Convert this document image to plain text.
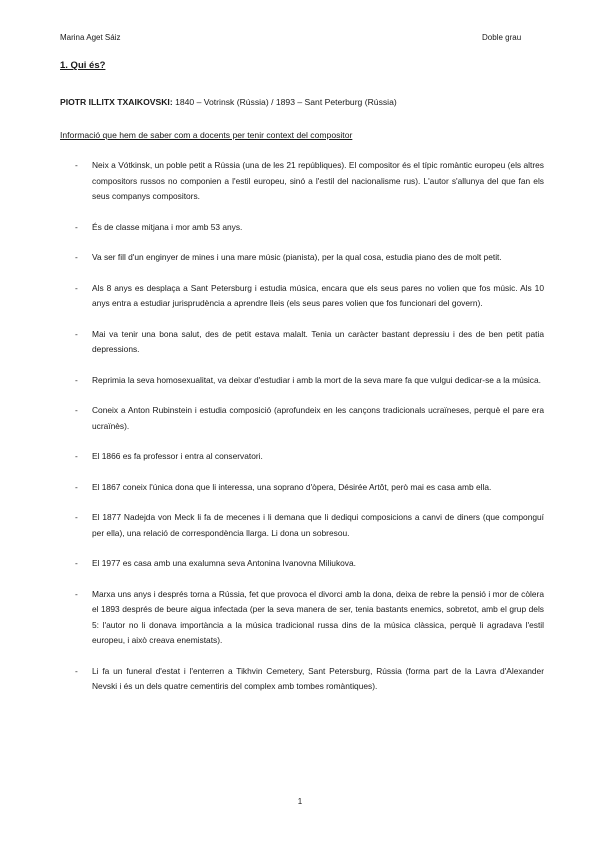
Marina Aget Sáiz	Doble grau
1. Qui és?
PIOTR ILLITX TXAIKOVSKI: 1840 – Votrinsk (Rússia) / 1893 – Sant Peterburg (Rússia)
Informació que hem de saber com a docents per tenir context del compositor
- Neix a Vótkinsk, un poble petit a Rússia (una de les 21 repúbliques). El compositor és el típic romàntic europeu (els altres compositors russos no componien a l'estil europeu, sinó a l'estil del nacionalisme rus). L'autor s'allunya del que fan els seus companys compositors.
- És de classe mitjana i mor amb 53 anys.
- Va ser fill d'un enginyer de mines i una mare músic (pianista), per la qual cosa, estudia piano des de molt petit.
- Als 8 anys es desplaça a Sant Petersburg i estudia música, encara que els seus pares no volien que fos músic. Als 10 anys entra a estudiar jurisprudència a aprendre lleis (els seus pares volien que fos funcionari del govern).
- Mai va tenir una bona salut, des de petit estava malalt. Tenia un caràcter bastant depressiu i des de ben petit patia depressions.
- Reprimia la seva homosexualitat, va deixar d'estudiar i amb la mort de la seva mare fa que vulgui dedicar-se a la música.
- Coneix a Anton Rubinstein i estudia composició (aprofundeix en les cançons tradicionals ucraïneses, perquè el pare era ucraïnès).
- El 1866 es fa professor i entra al conservatori.
- El 1867 coneix l'única dona que li interessa, una soprano d'òpera, Désirée Artôt, però mai es casa amb ella.
- El 1877 Nadejda von Meck li fa de mecenes i li demana que li dediqui composicions a canvi de diners (que componguí per ella), una relació de correspondència llarga. Li dona un sobresou.
- El 1977 es casa amb una exalumna seva Antonina Ivanovna Miliukova.
- Marxa uns anys i després torna a Rússia, fet que provoca el divorci amb la dona, deixa de rebre la pensió i mor de còlera el 1893 després de beure aigua infectada (per la seva manera de ser, tenia bastants enemics, sobretot, amb el grup dels 5: l'autor no li donava importància a la música tradicional russa dins de la música clàssica, perquè li agradava l'estil europeu, i això creava enemistats).
- Li fa un funeral d'estat i l'enterren a Tikhvin Cemetery, Sant Petersburg, Rússia (forma part de la Lavra d'Alexander Nevski i és un dels quatre cementiris del complex amb tombes romàntiques).
1
